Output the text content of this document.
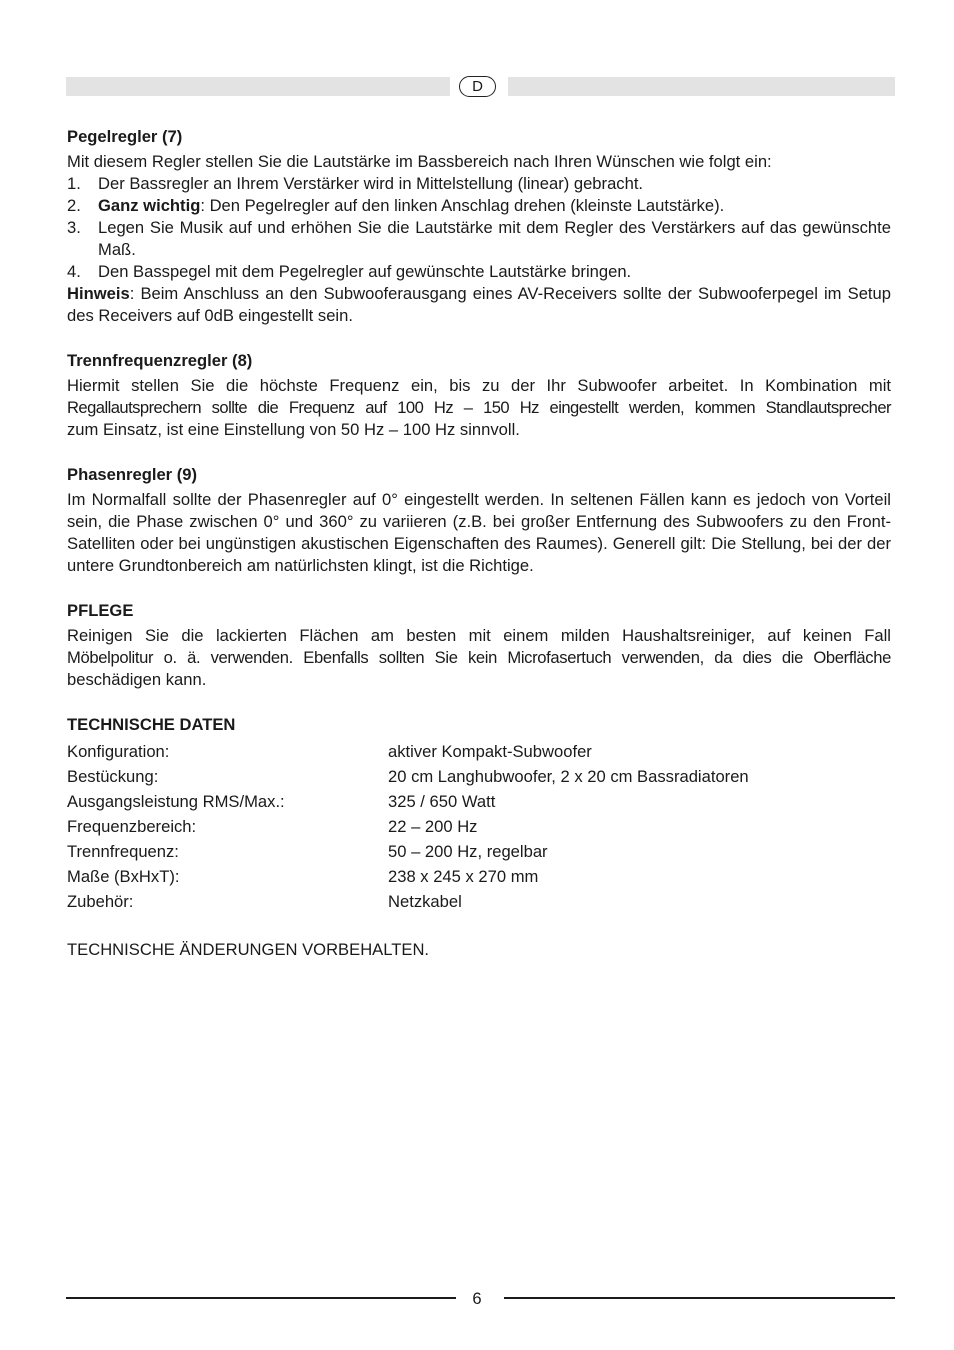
D

Pegelregler (7)

Mit diesem Regler stellen Sie die Lautstärke im Bassbereich nach Ihren Wünschen wie folgt ein:

1. Der Bassregler an Ihrem Verstärker wird in Mittelstellung (linear) gebracht.
2. Ganz wichtig: Den Pegelregler auf den linken Anschlag drehen (kleinste Lautstärke).
3. Legen Sie Musik auf und erhöhen Sie die Lautstärke mit dem Regler des Verstärkers auf das gewünschte Maß.
4. Den Basspegel mit dem Pegelregler auf gewünschte Lautstärke bringen.

Hinweis: Beim Anschluss an den Subwooferausgang eines AV-Receivers sollte der Subwooferpegel im Setup des Receivers auf 0dB eingestellt sein.

Trennfrequenzregler (8)

Hiermit stellen Sie die höchste Frequenz ein, bis zu der Ihr Subwoofer arbeitet. In Kombination mit
Regallautsprechern sollte die Frequenz auf 100 Hz – 150 Hz eingestellt werden, kommen Standlautsprecher
zum Einsatz, ist eine Einstellung von 50 Hz – 100 Hz sinnvoll.

Phasenregler (9)

Im Normalfall sollte der Phasenregler auf 0° eingestellt werden. In seltenen Fällen kann es jedoch von Vorteil sein, die Phase zwischen 0° und 360° zu variieren (z.B. bei großer Entfernung des Subwoofers zu den Front-Satelliten oder bei ungünstigen akustischen Eigenschaften des Raumes). Generell gilt: Die Stellung, bei der der untere Grundtonbereich am natürlichsten klingt, ist die Richtige.

PFLEGE

Reinigen Sie die lackierten Flächen am besten mit einem milden Haushaltsreiniger, auf keinen Fall
Möbelpolitur o. ä. verwenden. Ebenfalls sollten Sie kein Microfasertuch verwenden, da dies die Oberfläche
beschädigen kann.

TECHNISCHE DATEN

Konfiguration:	aktiver Kompakt-Subwoofer
Bestückung:	20 cm Langhubwoofer, 2 x 20 cm Bassradiatoren
Ausgangsleistung RMS/Max.:	325 / 650 Watt
Frequenzbereich:	22 – 200 Hz
Trennfrequenz:	50 – 200 Hz, regelbar
Maße (BxHxT):	238 x 245 x 270 mm
Zubehör:	Netzkabel

TECHNISCHE ÄNDERUNGEN VORBEHALTEN.

6
